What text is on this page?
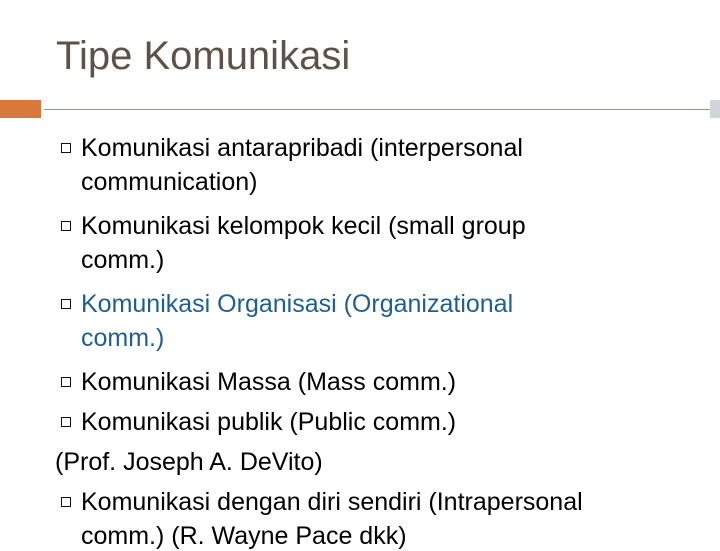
Tipe Komunikasi
Komunikasi antarapribadi (interpersonal
communication)
Komunikasi kelompok kecil (small group
comm.)
Komunikasi Organisasi (Organizational
comm.)
Komunikasi Massa (Mass comm.)
Komunikasi publik (Public comm.)
(Prof. Joseph A. DeVito)
Komunikasi dengan diri sendiri (Intrapersonal
comm.) (R. Wayne Pace dkk)
